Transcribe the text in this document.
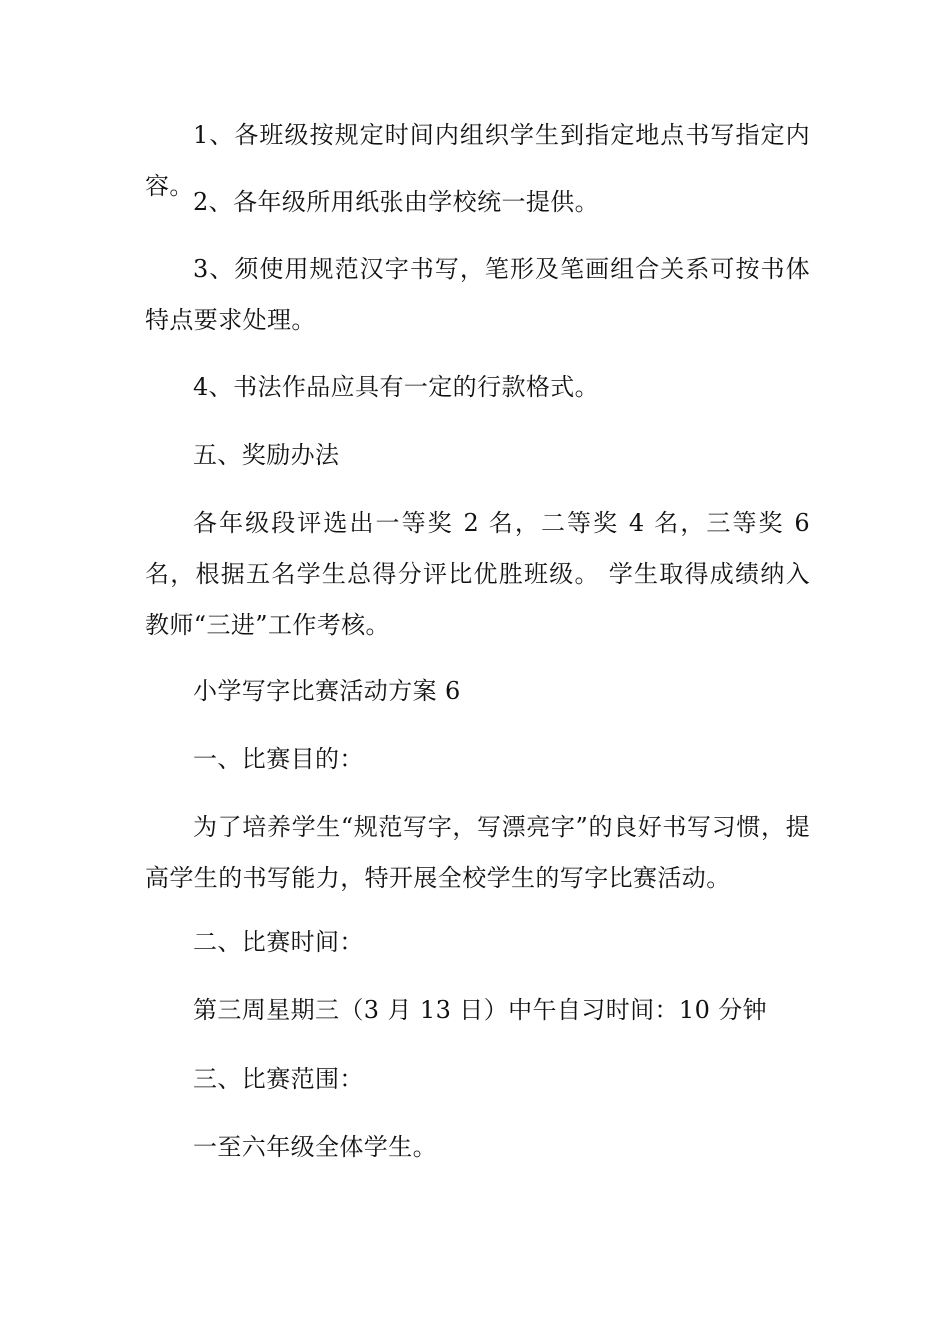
1、各班级按规定时间内组织学生到指定地点书写指定内容。

2、各年级所用纸张由学校统一提供。

3、须使用规范汉字书写，笔形及笔画组合关系可按书体特点要求处理。

4、书法作品应具有一定的行款格式。

五、奖励办法

各年级段评选出一等奖 2 名，二等奖 4 名，三等奖 6 名，根据五名学生总得分评比优胜班级。 学生取得成绩纳入教师“三进”工作考核。

小学写字比赛活动方案 6

一、比赛目的：

为了培养学生“规范写字，写漂亮字”的良好书写习惯，提高学生的书写能力，特开展全校学生的写字比赛活动。

二、比赛时间：

第三周星期三（3 月 13 日）中午自习时间：10 分钟

三、比赛范围：

一至六年级全体学生。
